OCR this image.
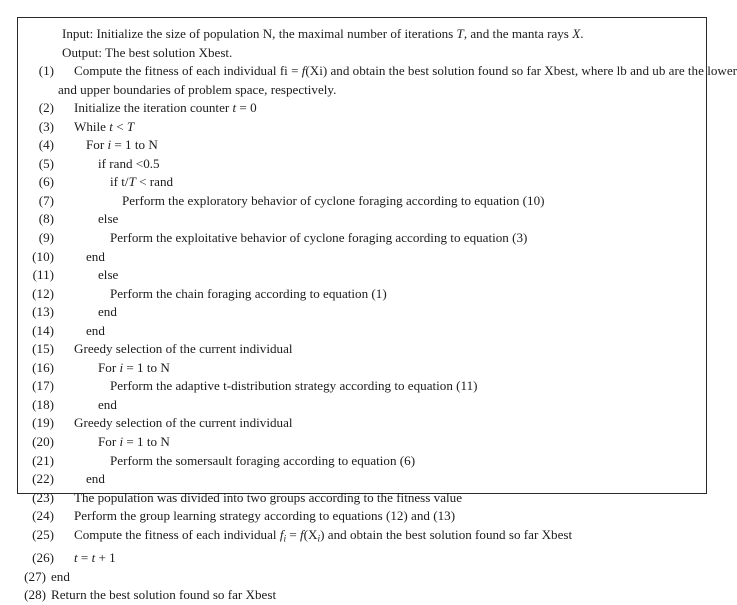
Input: Initialize the size of population N, the maximal number of iterations T, and the manta rays X.
Output: The best solution Xbest.
(1)	Compute the fitness of each individual fi = f(Xi) and obtain the best solution found so far Xbest, where lb and ub are the lower
and upper boundaries of problem space, respectively.
(2)	Initialize the iteration counter t = 0
(3)	While t < T
(4)	For i = 1 to N
(5)	if rand <0.5
(6)	if t/T < rand
(7)	Perform the exploratory behavior of cyclone foraging according to equation (10)
(8)	else
(9)	Perform the exploitative behavior of cyclone foraging according to equation (3)
(10)	end
(11)	else
(12)	Perform the chain foraging according to equation (1)
(13)	end
(14)	end
(15)	Greedy selection of the current individual
(16)	For i = 1 to N
(17)	Perform the adaptive t-distribution strategy according to equation (11)
(18)	end
(19)	Greedy selection of the current individual
(20)	For i = 1 to N
(21)	Perform the somersault foraging according to equation (6)
(22)	end
(23)	The population was divided into two groups according to the fitness value
(24)	Perform the group learning strategy according to equations (12) and (13)
(25)	Compute the fitness of each individual $f_i = f(X_i)$ and obtain the best solution found so far Xbest
(26)	t = t + 1
(27) end
(28) Return the best solution found so far Xbest
